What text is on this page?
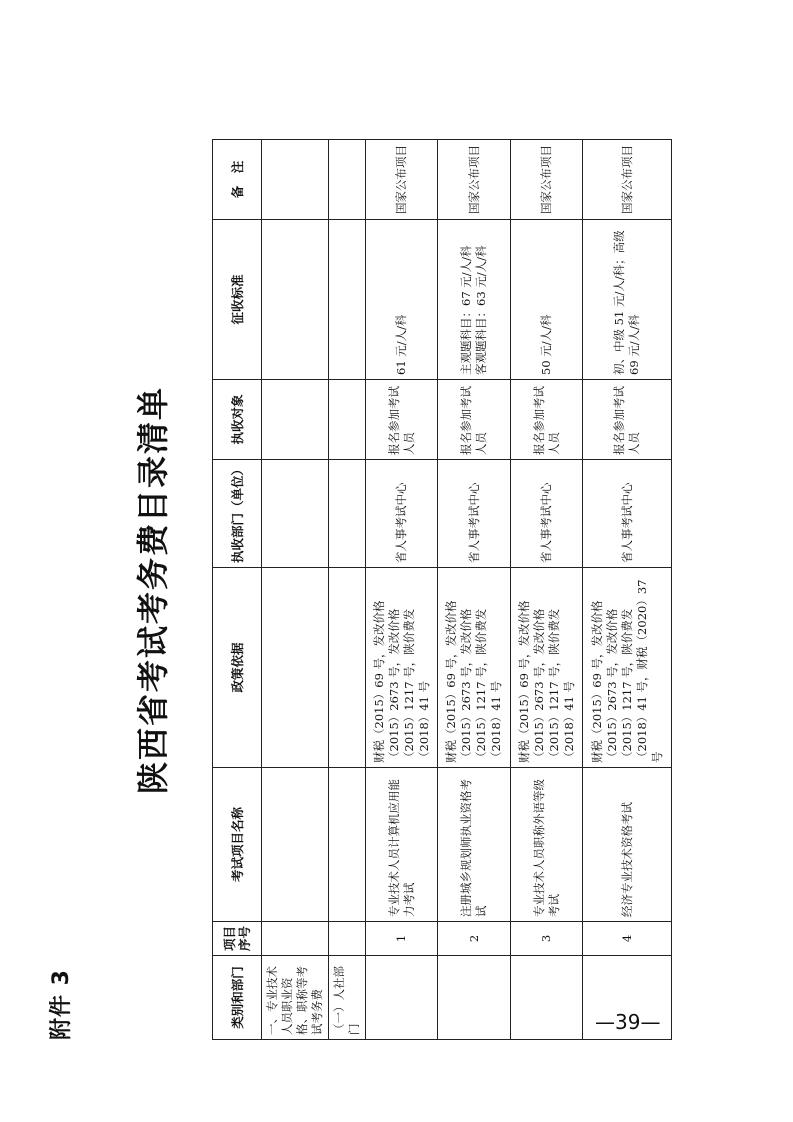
附件 3
陕西省考试考务费目录清单
类别和部门	项目序号	考试项目名称	政策依据	执收部门（单位）	执收对象	征收标准	备　注
一、专业技术人员职业资格、职称等考试考务费							
（一）人社部门							
	1	专业技术人员计算机应用能力考试	财税（2015）69 号，发改价格（2015）2673 号，发改价格（2015）1217 号，陕价费发（2018）41 号	省人事考试中心	报名参加考试人员	61 元/人/科	国家公布项目
	2	注册城乡规划师执业资格考试	财税（2015）69 号，发改价格（2015）2673 号，发改价格（2015）1217 号，陕价费发（2018）41 号	省人事考试中心	报名参加考试人员	主观题科目：67 元/人/科　客观题科目：63 元/人/科	国家公布项目
	3	专业技术人员职称外语等级考试	财税（2015）69 号，发改价格（2015）2673 号，发改价格（2015）1217 号，陕价费发（2018）41 号	省人事考试中心	报名参加考试人员	50 元/人/科	国家公布项目
	4	经济专业技术资格考试	财税（2015）69 号，发改价格（2015）2673 号，发改价格（2015）1217 号，陕价费发（2018）41 号，财税（2020）37 号	省人事考试中心	报名参加考试人员	初、中级 51 元/人/科；高级 69 元/人/科	国家公布项目
—39—
